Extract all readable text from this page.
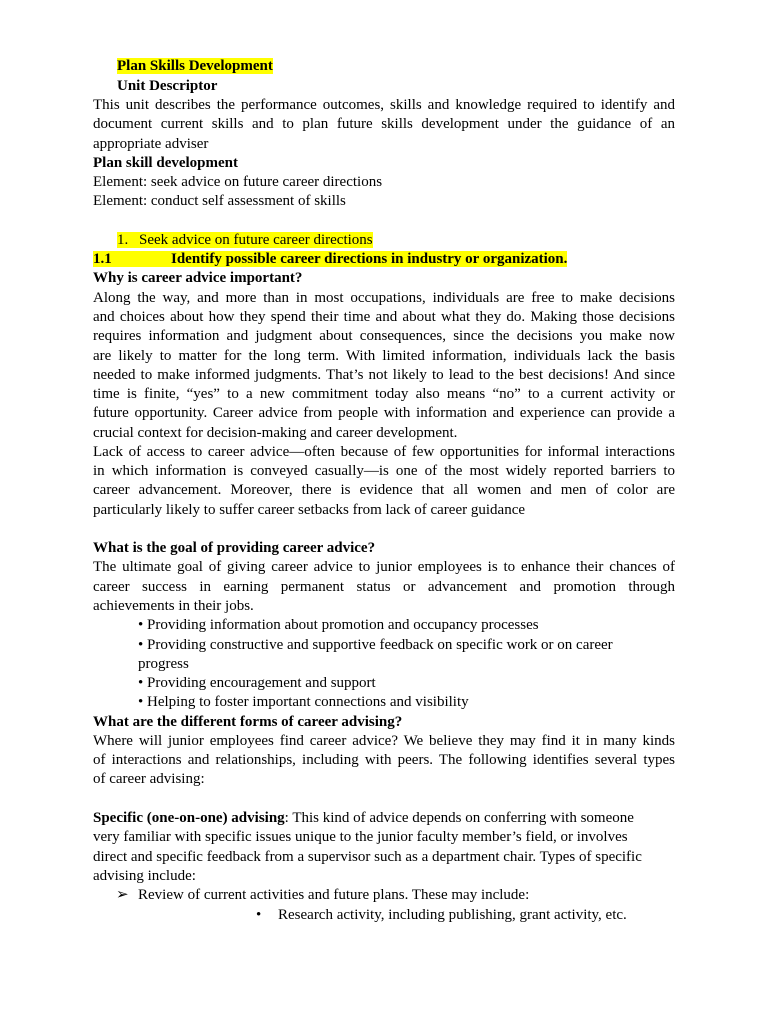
Plan Skills Development
Unit Descriptor
This unit describes the performance outcomes, skills and knowledge required to identify and
document current skills and to plan future skills development under the guidance of an
appropriate adviser
Plan skill development
Element: seek advice on future career directions
Element: conduct self assessment of skills
1. Seek advice on future career directions
1.1	Identify possible career directions in industry or organization.
Why is career advice important?
Along the way, and more than in most occupations, individuals are free to make decisions
and choices about how they spend their time and about what they do. Making those decisions
requires information and judgment about consequences, since the decisions you make now
are likely to matter for the long term. With limited information, individuals lack the basis
needed to make informed judgments. That’s not likely to lead to the best decisions! And since
time is finite, “yes” to a new commitment today also means “no” to a current activity or
future opportunity. Career advice from people with information and experience can provide a
crucial context for decision-making and career development.
Lack of access to career advice—often because of few opportunities for informal interactions
in which information is conveyed casually—is one of the most widely reported barriers to
career advancement. Moreover, there is evidence that all women and men of color are
particularly likely to suffer career setbacks from lack of career guidance
What is the goal of providing career advice?
The ultimate goal of giving career advice to junior employees is to enhance their chances of
career success in earning permanent status or advancement and promotion through
achievements in their jobs.
• Providing information about promotion and occupancy processes
• Providing constructive and supportive feedback on specific work or on career
progress
• Providing encouragement and support
• Helping to foster important connections and visibility
What are the different forms of career advising?
Where will junior employees find career advice? We believe they may find it in many kinds
of interactions and relationships, including with peers. The following identifies several types
of career advising:
Specific (one-on-one) advising: This kind of advice depends on conferring with someone
very familiar with specific issues unique to the junior faculty member’s field, or involves
direct and specific feedback from a supervisor such as a department chair. Types of specific
advising include:
➢ Review of current activities and future plans. These may include:
• Research activity, including publishing, grant activity, etc.
